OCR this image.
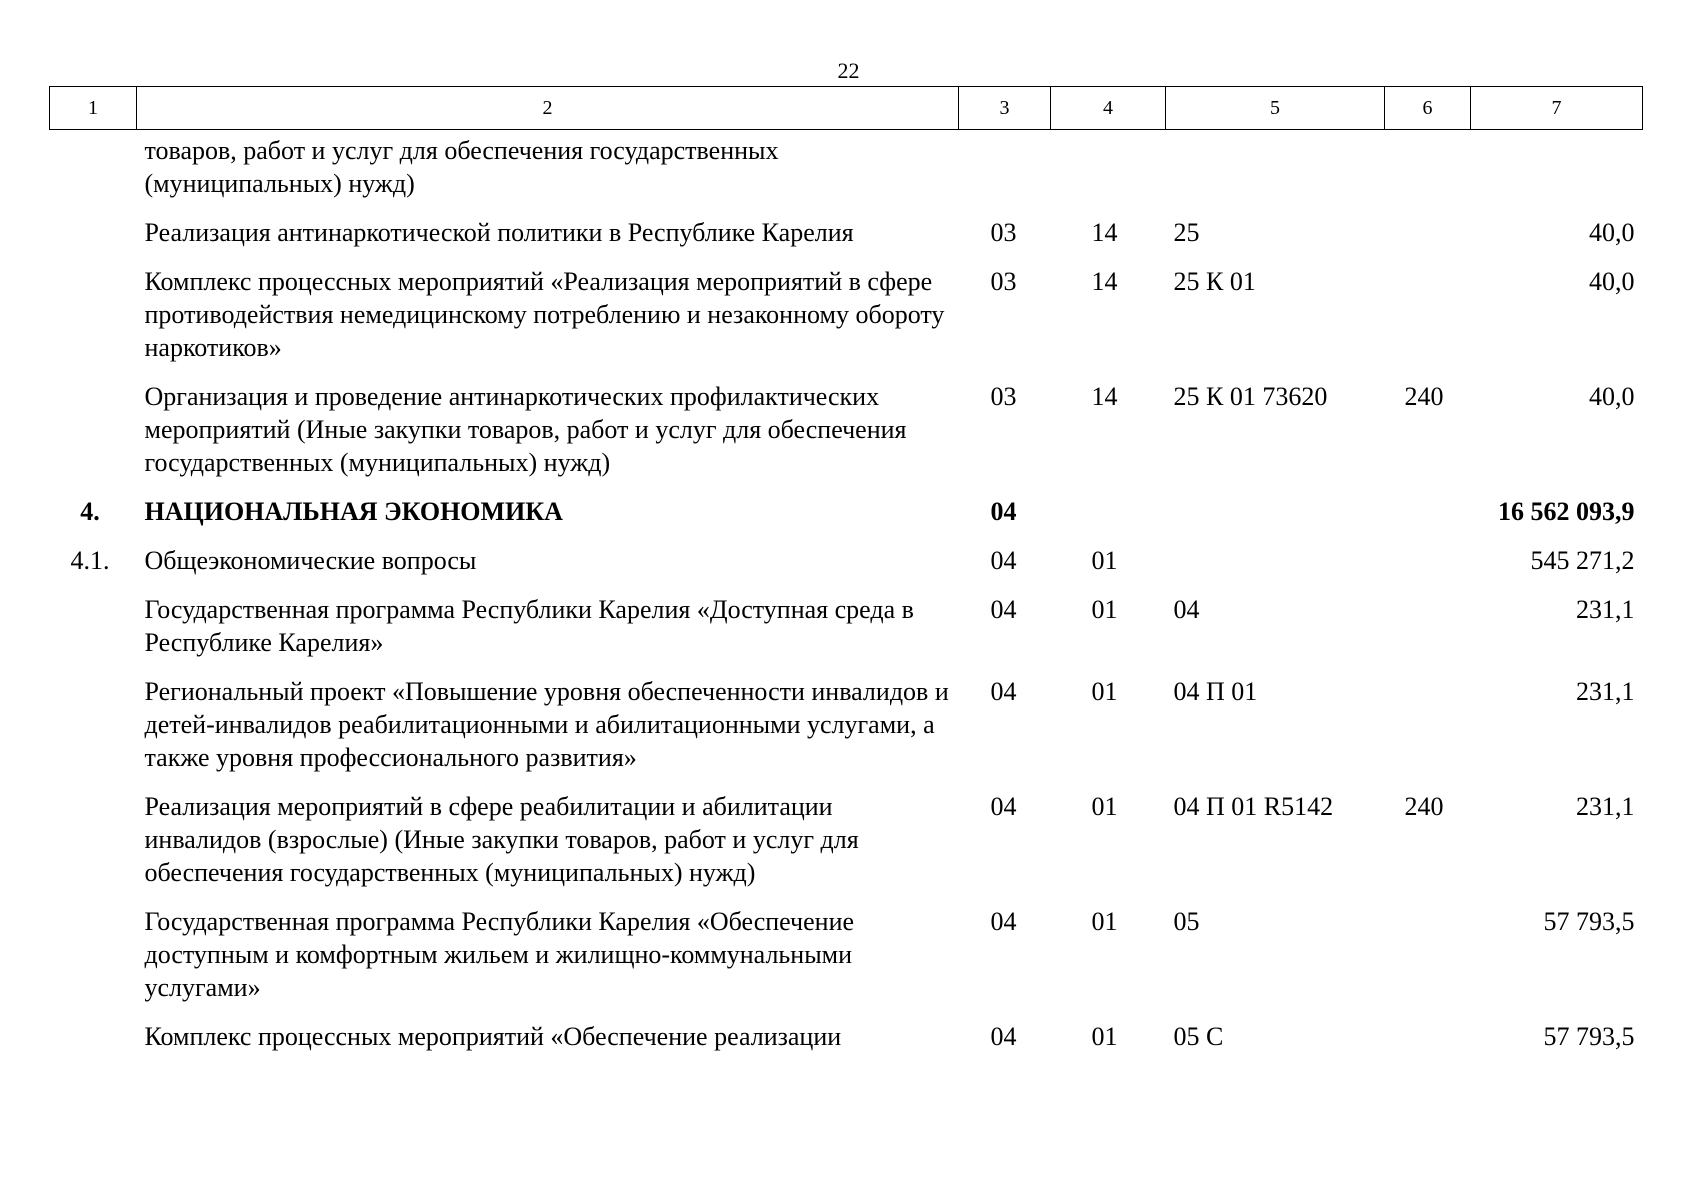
22
1	2	3	4	5	6	7
	товаров, работ и услуг для обеспечения государственных (муниципальных) нужд)					
	Реализация антинаркотической политики в Республике Карелия	03	14	25		40,0
	Комплекс процессных мероприятий «Реализация мероприятий в сфере противодействия немедицинскому потреблению и незаконному обороту наркотиков»	03	14	25 К 01		40,0
	Организация и проведение антинаркотических профилактических мероприятий (Иные закупки товаров, работ и услуг для обеспечения государственных (муниципальных) нужд)	03	14	25 К 01 73620	240	40,0
4.	НАЦИОНАЛЬНАЯ ЭКОНОМИКА	04				16 562 093,9
4.1.	Общеэкономические вопросы	04	01			545 271,2
	Государственная программа Республики Карелия «Доступная среда в Республике Карелия»	04	01	04		231,1
	Региональный проект «Повышение уровня обеспеченности инвалидов и детей-инвалидов реабилитационными и абилитационными услугами, а также уровня профессионального развития»	04	01	04 П 01		231,1
	Реализация мероприятий в сфере реабилитации и абилитации инвалидов (взрослые) (Иные закупки товаров, работ и услуг для обеспечения государственных (муниципальных) нужд)	04	01	04 П 01 R5142	240	231,1
	Государственная программа Республики Карелия «Обеспечение доступным и комфортным жильем и жилищно-коммунальными услугами»	04	01	05		57 793,5
	Комплекс процессных мероприятий «Обеспечение реализации	04	01	05 С		57 793,5
